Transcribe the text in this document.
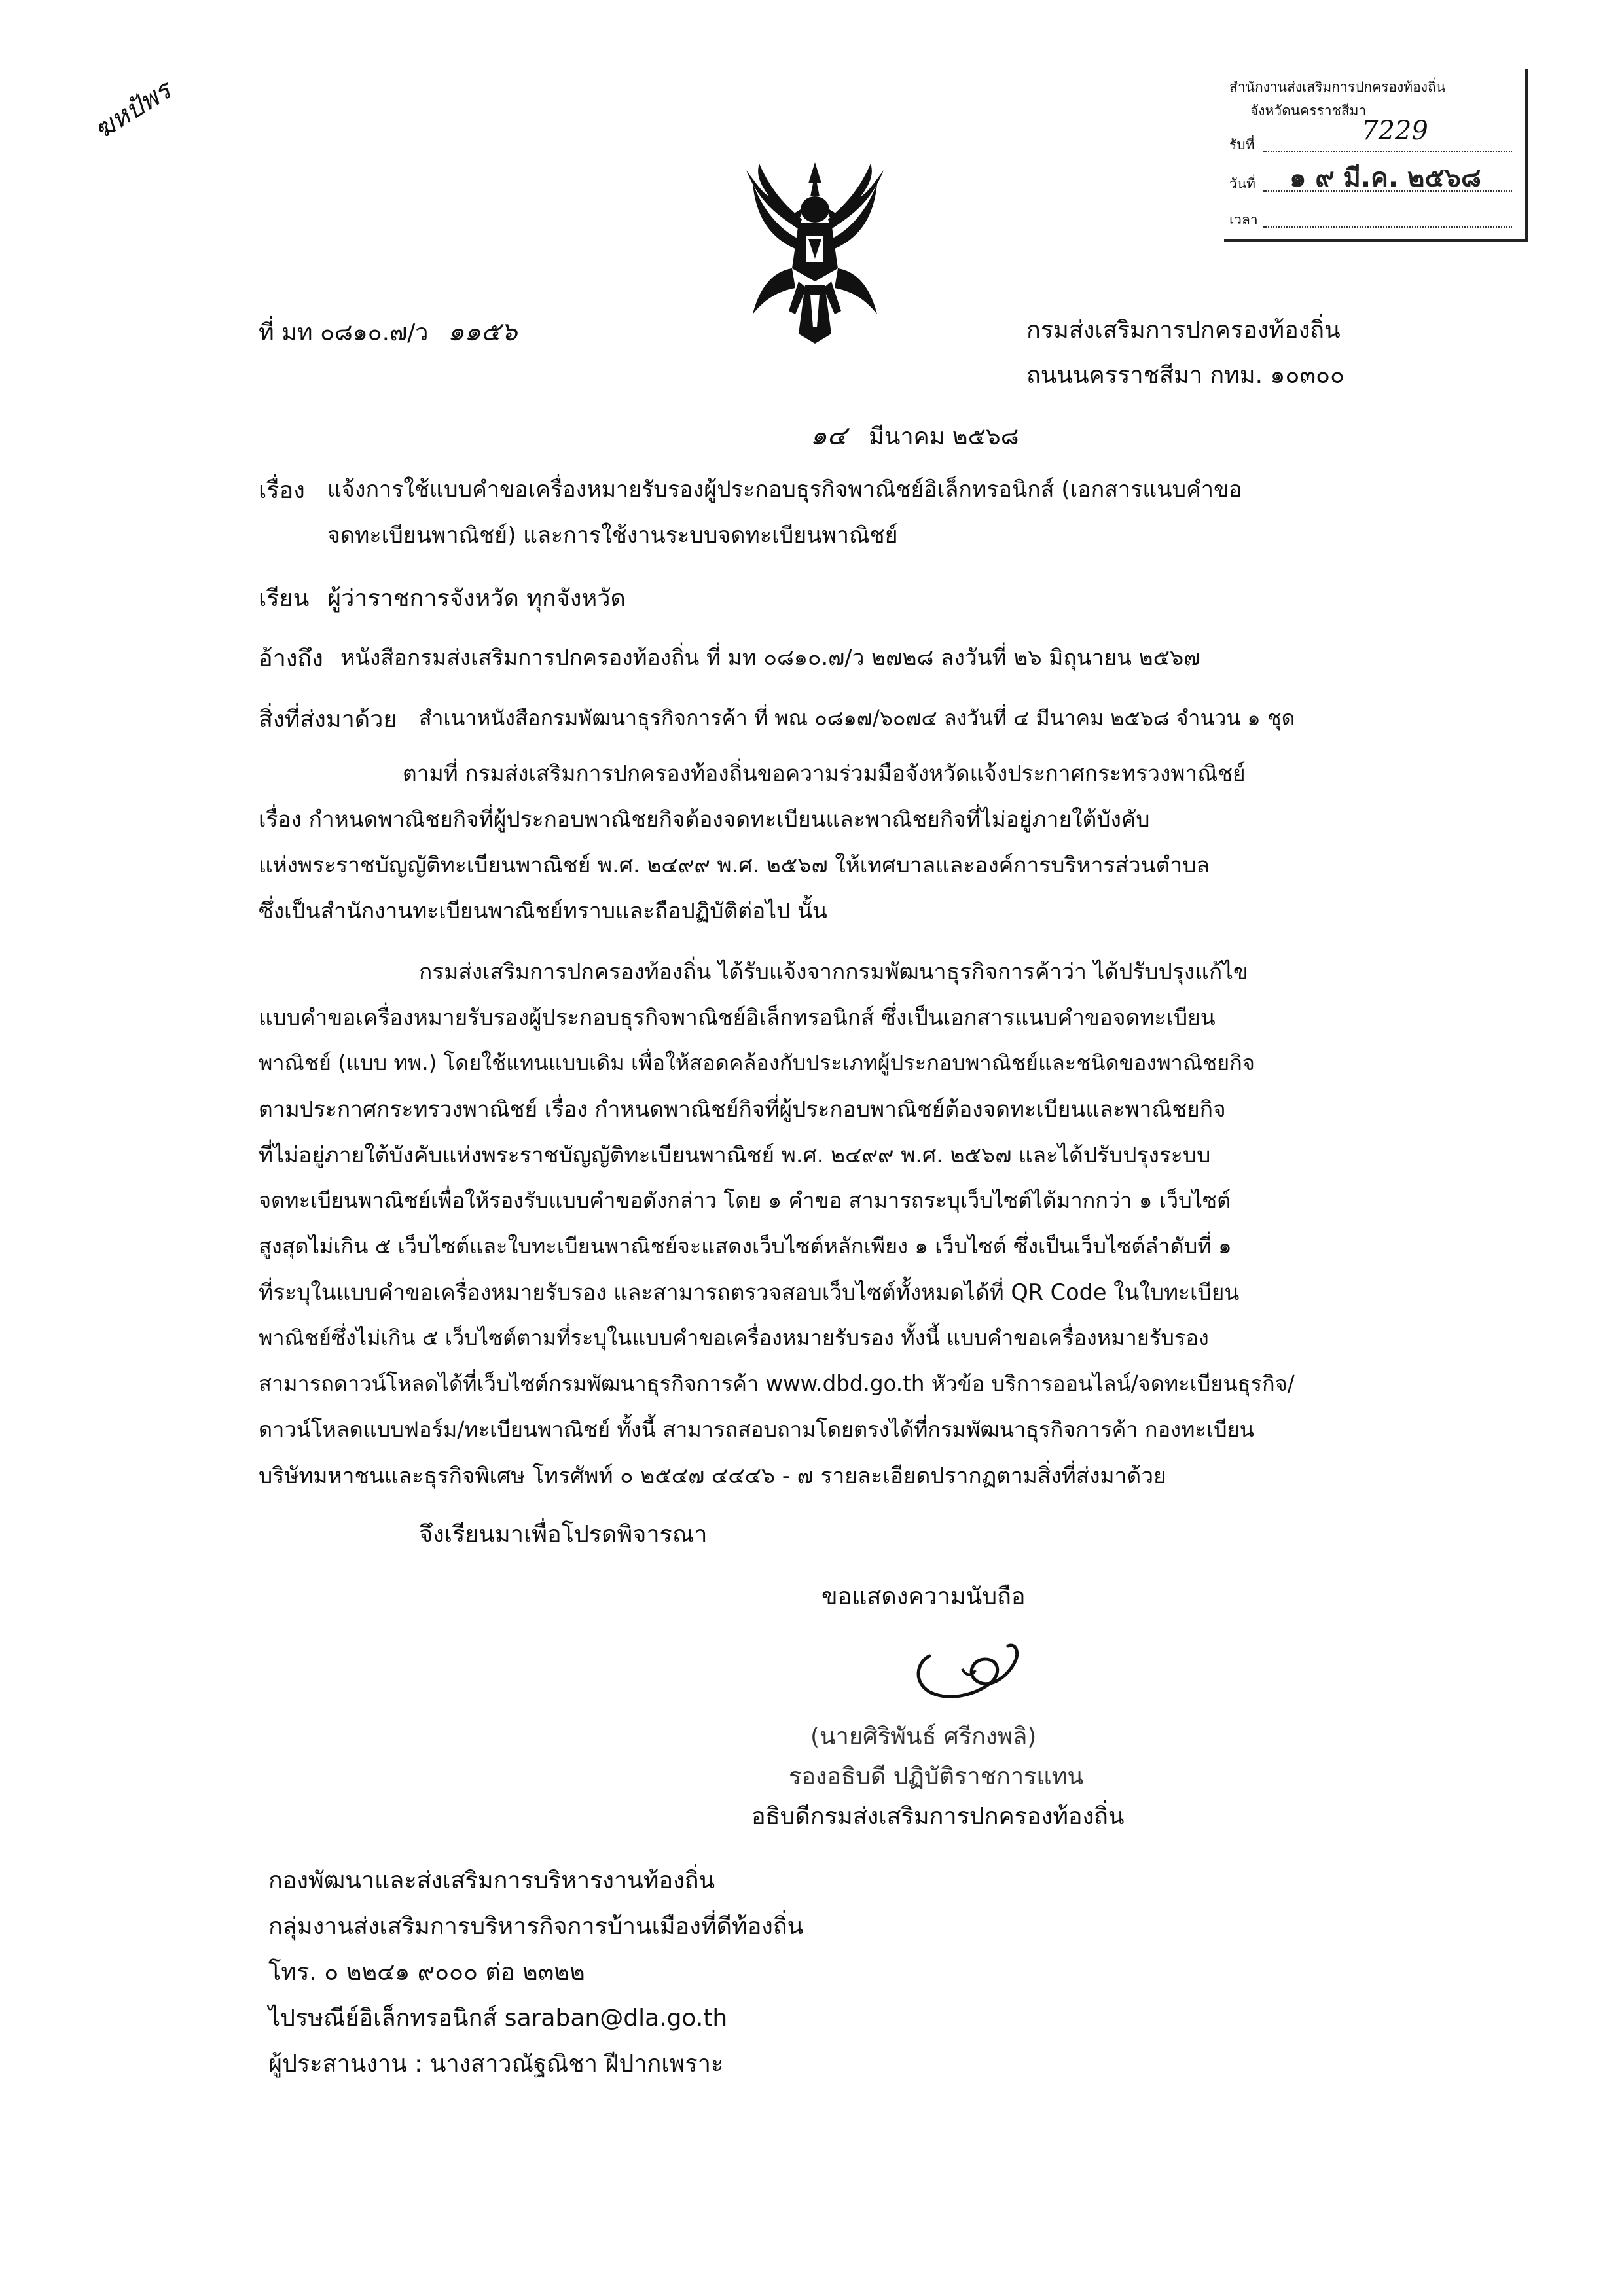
ฆหปัพร	สำนักงานส่งเสริมการปกครองท้องถิ่น
จังหวัดนครราชสีมา
รับที่	7229
วันที่ ๑ ๙ มี.ค. ๒๕๖๘
เวลา
ที่ มท ๐๘๑๐.๗/ว ๑๑๕๖	กรมส่งเสริมการปกครองท้องถิ่น
ถนนนครราชสีมา กทม. ๑๐๓๐๐
๑๔ มีนาคม ๒๕๖๘
เรื่อง แจ้งการใช้แบบคำขอเครื่องหมายรับรองผู้ประกอบธุรกิจพาณิชย์อิเล็กทรอนิกส์ (เอกสารแนบคำขอ
จดทะเบียนพาณิชย์) และการใช้งานระบบจดทะเบียนพาณิชย์
เรียน ผู้ว่าราชการจังหวัด ทุกจังหวัด
อ้างถึง หนังสือกรมส่งเสริมการปกครองท้องถิ่น ที่ มท ๐๘๑๐.๗/ว ๒๗๒๘ ลงวันที่ ๒๖ มิถุนายน ๒๕๖๗
สิ่งที่ส่งมาด้วย สำเนาหนังสือกรมพัฒนาธุรกิจการค้า ที่ พณ ๐๘๑๗/๖๐๗๔ ลงวันที่ ๔ มีนาคม ๒๕๖๘ จำนวน ๑ ชุด
ตามที่ กรมส่งเสริมการปกครองท้องถิ่นขอความร่วมมือจังหวัดแจ้งประกาศกระทรวงพาณิชย์
เรื่อง กำหนดพาณิชยกิจที่ผู้ประกอบพาณิชยกิจต้องจดทะเบียนและพาณิชยกิจที่ไม่อยู่ภายใต้บังคับ
แห่งพระราชบัญญัติทะเบียนพาณิชย์ พ.ศ. ๒๔๙๙ พ.ศ. ๒๕๖๗ ให้เทศบาลและองค์การบริหารส่วนตำบล
ซึ่งเป็นสำนักงานทะเบียนพาณิชย์ทราบและถือปฏิบัติต่อไป นั้น
กรมส่งเสริมการปกครองท้องถิ่น ได้รับแจ้งจากกรมพัฒนาธุรกิจการค้าว่า ได้ปรับปรุงแก้ไข
แบบคำขอเครื่องหมายรับรองผู้ประกอบธุรกิจพาณิชย์อิเล็กทรอนิกส์ ซึ่งเป็นเอกสารแนบคำขอจดทะเบียน
พาณิชย์ (แบบ ทพ.) โดยใช้แทนแบบเดิม เพื่อให้สอดคล้องกับประเภทผู้ประกอบพาณิชย์และชนิดของพาณิชยกิจ
ตามประกาศกระทรวงพาณิชย์ เรื่อง กำหนดพาณิชย์กิจที่ผู้ประกอบพาณิชย์ต้องจดทะเบียนและพาณิชยกิจ
ที่ไม่อยู่ภายใต้บังคับแห่งพระราชบัญญัติทะเบียนพาณิชย์ พ.ศ. ๒๔๙๙ พ.ศ. ๒๕๖๗ และได้ปรับปรุงระบบ
จดทะเบียนพาณิชย์เพื่อให้รองรับแบบคำขอดังกล่าว โดย ๑ คำขอ สามารถระบุเว็บไซต์ได้มากกว่า ๑ เว็บไซต์
สูงสุดไม่เกิน ๕ เว็บไซต์และใบทะเบียนพาณิชย์จะแสดงเว็บไซต์หลักเพียง ๑ เว็บไซต์ ซึ่งเป็นเว็บไซต์ลำดับที่ ๑
ที่ระบุในแบบคำขอเครื่องหมายรับรอง และสามารถตรวจสอบเว็บไซต์ทั้งหมดได้ที่ QR Code ในใบทะเบียน
พาณิชย์ซึ่งไม่เกิน ๕ เว็บไซต์ตามที่ระบุในแบบคำขอเครื่องหมายรับรอง ทั้งนี้ แบบคำขอเครื่องหมายรับรอง
สามารถดาวน์โหลดได้ที่เว็บไซต์กรมพัฒนาธุรกิจการค้า www.dbd.go.th หัวข้อ บริการออนไลน์/จดทะเบียนธุรกิจ/
ดาวน์โหลดแบบฟอร์ม/ทะเบียนพาณิชย์ ทั้งนี้ สามารถสอบถามโดยตรงได้ที่กรมพัฒนาธุรกิจการค้า กองทะเบียน
บริษัทมหาชนและธุรกิจพิเศษ โทรศัพท์ ๐ ๒๕๔๗ ๔๔๔๖ - ๗ รายละเอียดปรากฏตามสิ่งที่ส่งมาด้วย
จึงเรียนมาเพื่อโปรดพิจารณา
ขอแสดงความนับถือ
(นายศิริพันธ์ ศรีกงพลิ)
รองอธิบดี ปฏิบัติราชการแทน
อธิบดีกรมส่งเสริมการปกครองท้องถิ่น
กองพัฒนาและส่งเสริมการบริหารงานท้องถิ่น
กลุ่มงานส่งเสริมการบริหารกิจการบ้านเมืองที่ดีท้องถิ่น
โทร. ๐ ๒๒๔๑ ๙๐๐๐ ต่อ ๒๓๒๒
ไปรษณีย์อิเล็กทรอนิกส์ saraban@dla.go.th
ผู้ประสานงาน : นางสาวณัฐณิชา ฝีปากเพราะ
